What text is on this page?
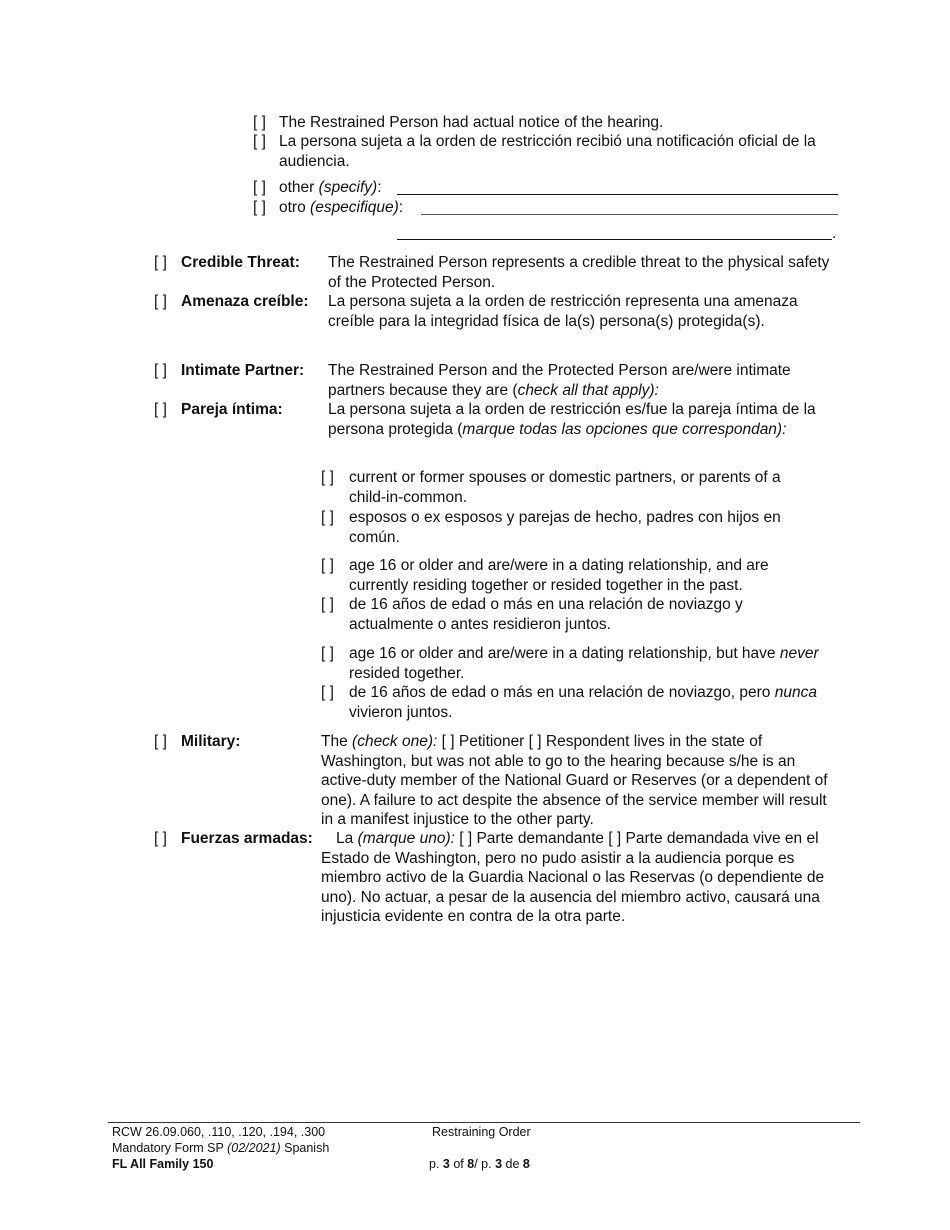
[ ] The Restrained Person had actual notice of the hearing.
[ ] La persona sujeta a la orden de restricción recibió una notificación oficial de la audiencia.
[ ] other (specify):
[ ] otro (especifique):
.
[ ] Credible Threat: The Restrained Person represents a credible threat to the physical safety of the Protected Person.
[ ] Amenaza creíble: La persona sujeta a la orden de restricción representa una amenaza creíble para la integridad física de la(s) persona(s) protegida(s).
[ ] Intimate Partner: The Restrained Person and the Protected Person are/were intimate partners because they are (check all that apply):
[ ] Pareja íntima:	La persona sujeta a la orden de restricción es/fue la pareja íntima de la persona protegida (marque todas las opciones que correspondan):
[ ] current or former spouses or domestic partners, or parents of a child-in-common.
[ ] esposos o ex esposos y parejas de hecho, padres con hijos en común.
[ ] age 16 or older and are/were in a dating relationship, and are currently residing together or resided together in the past.
[ ] de 16 años de edad o más en una relación de noviazgo y actualmente o antes residieron juntos.
[ ] age 16 or older and are/were in a dating relationship, but have never resided together.
[ ] de 16 años de edad o más en una relación de noviazgo, pero nunca vivieron juntos.
[ ] Military:	The (check one): [ ] Petitioner [ ] Respondent lives in the state of Washington, but was not able to go to the hearing because s/he is an active-duty member of the National Guard or Reserves (or a dependent of one). A failure to act despite the absence of the service member will result in a manifest injustice to the other party.
[ ] Fuerzas armadas:	La (marque uno): [ ] Parte demandante [ ] Parte demandada vive en el Estado de Washington, pero no pudo asistir a la audiencia porque es miembro activo de la Guardia Nacional o las Reservas (o dependiente de uno). No actuar, a pesar de la ausencia del miembro activo, causará una injusticia evidente en contra de la otra parte.
RCW 26.09.060, .110, .120, .194, .300
Mandatory Form SP (02/2021) Spanish
FL All Family 150
Restraining Order
p. 3 of 8/ p. 3 de 8
